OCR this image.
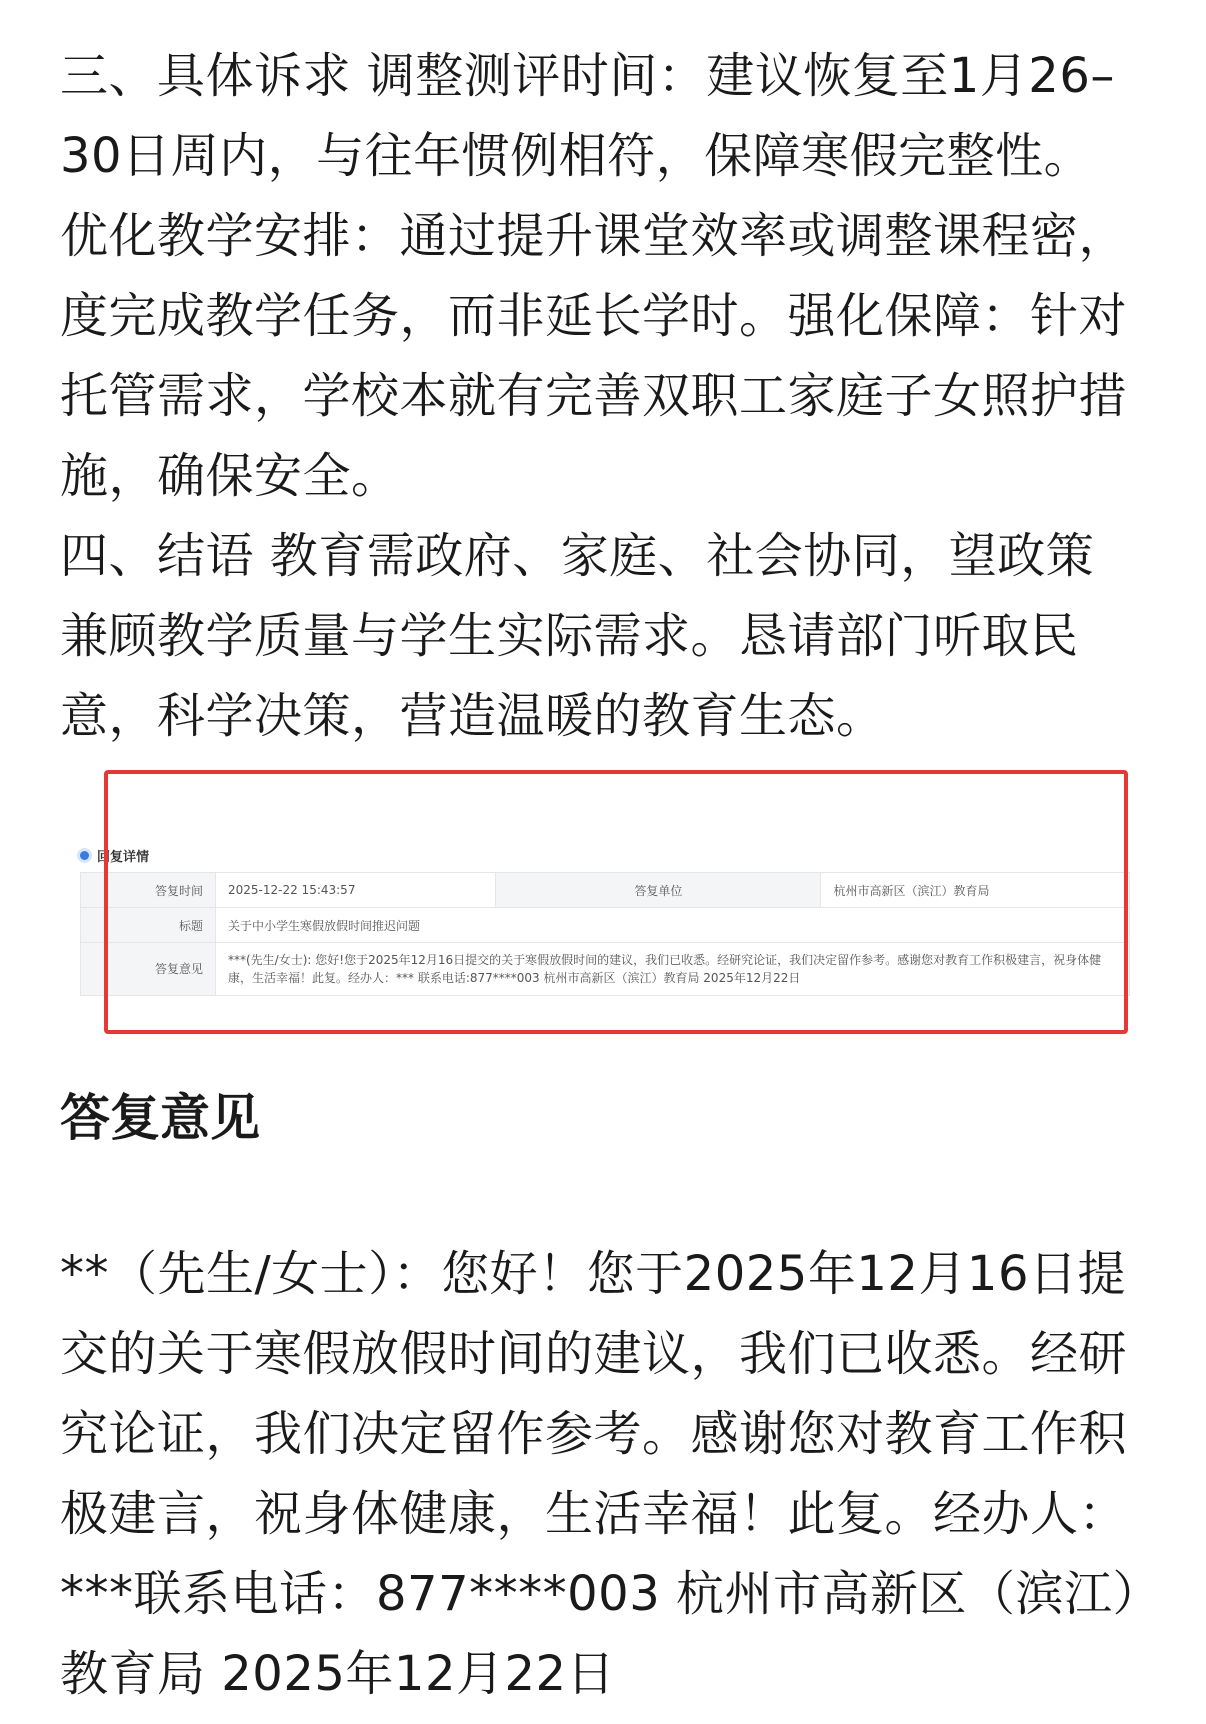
三、具体诉求 调整测评时间：建议恢复至1月26–30日周内，与往年惯例相符，保障寒假完整性。优化教学安排：通过提升课堂效率或调整课程密，度完成教学任务，而非延长学时。强化保障：针对托管需求，学校本就有完善双职工家庭子女照护措施，确保安全。

四、结语 教育需政府、家庭、社会协同，望政策兼顾教学质量与学生实际需求。恳请部门听取民意，科学决策，营造温暖的教育生态。

回复详情
答复时间	2025-12-22 15:43:57	答复单位	杭州市高新区（滨江）教育局
标题	关于中小学生寒假放假时间推迟问题		
答复意见	***(先生/女士): 您好!您于2025年12月16日提交的关于寒假放假时间的建议，我们已收悉。经研究论证，我们决定留作参考。感谢您对教育工作积极建言，祝身体健康，生活幸福！此复。经办人：*** 联系电话:877****003 杭州市高新区（滨江）教育局 2025年12月22日		
答复意见

**（先生/女士）：您好！您于2025年12月16日提交的关于寒假放假时间的建议，我们已收悉。经研究论证，我们决定留作参考。感谢您对教育工作积极建言，祝身体健康，生活幸福！此复。经办人：***联系电话：877****003 杭州市高新区（滨江）教育局 2025年12月22日
